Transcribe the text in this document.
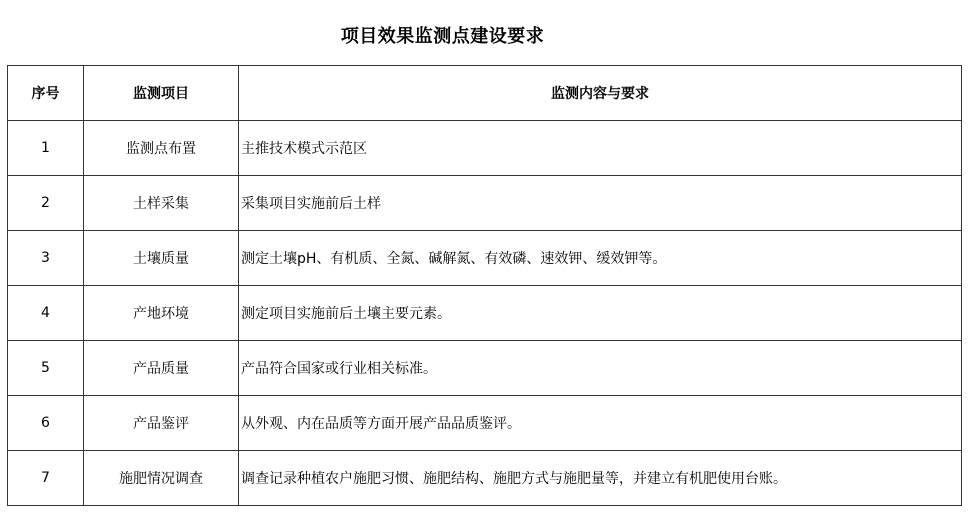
项目效果监测点建设要求
序号	监测项目	监测内容与要求
1	监测点布置	主推技术模式示范区
2	土样采集	采集项目实施前后土样
3	土壤质量	测定土壤pH、有机质、全氮、碱解氮、有效磷、速效钾、缓效钾等。
4	产地环境	测定项目实施前后土壤主要元素。
5	产品质量	产品符合国家或行业相关标准。
6	产品鉴评	从外观、内在品质等方面开展产品品质鉴评。
7	施肥情况调查	调查记录种植农户施肥习惯、施肥结构、施肥方式与施肥量等，并建立有机肥使用台账。
